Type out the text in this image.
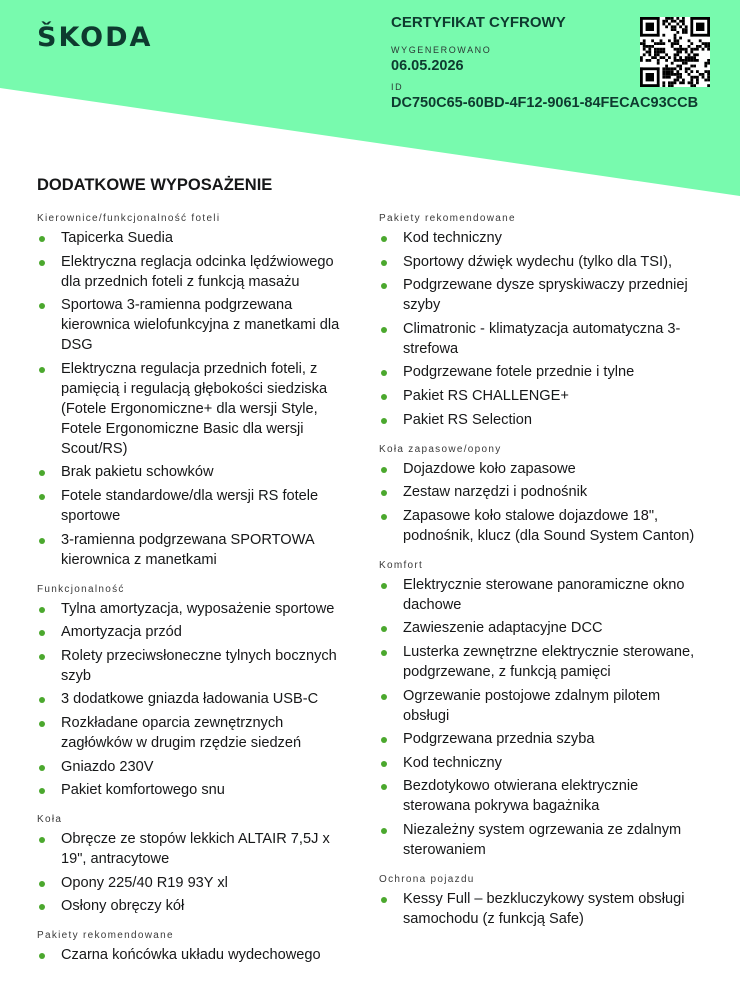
ŠKODA	CERTYFIKAT CYFROWY
WYGENEROWANO
06.05.2026
ID
DC750C65-60BD-4F12-9061-84FECAC93CCB
DODATKOWE WYPOSAŻENIE
Kierownice/funkcjonalność foteli
Tapicerka Suedia
Elektryczna reglacja odcinka lędźwiowego dla przednich foteli z funkcją masażu
Sportowa 3-ramienna podgrzewana kierownica wielofunkcyjna z manetkami dla DSG
Elektryczna regulacja przednich foteli, z pamięcią i regulacją głębokości siedziska (Fotele Ergonomiczne+ dla wersji Style, Fotele Ergonomiczne Basic dla wersji Scout/RS)
Brak pakietu schowków
Fotele standardowe/dla wersji RS fotele sportowe
3-ramienna podgrzewana SPORTOWA kierownica z manetkami
Funkcjonalność
Tylna amortyzacja, wyposażenie sportowe
Amortyzacja przód
Rolety przeciwsłoneczne tylnych bocznych szyb
3 dodatkowe gniazda ładowania USB-C
Rozkładane oparcia zewnętrznych zagłówków w drugim rzędzie siedzeń
Gniazdo 230V
Pakiet komfortowego snu
Koła
Obręcze ze stopów lekkich ALTAIR 7,5J x 19", antracytowe
Opony 225/40 R19 93Y xl
Osłony obręczy kół
Pakiety rekomendowane
Czarna końcówka układu wydechowego
Pakiety rekomendowane
Kod techniczny
Sportowy dźwięk wydechu (tylko dla TSI),
Podgrzewane dysze spryskiwaczy przedniej szyby
Climatronic - klimatyzacja automatyczna 3-strefowa
Podgrzewane fotele przednie i tylne
Pakiet RS CHALLENGE+
Pakiet RS Selection
Koła zapasowe/opony
Dojazdowe koło zapasowe
Zestaw narzędzi i podnośnik
Zapasowe koło stalowe dojazdowe 18", podnośnik, klucz (dla Sound System Canton)
Komfort
Elektrycznie sterowane panoramiczne okno dachowe
Zawieszenie adaptacyjne DCC
Lusterka zewnętrzne elektrycznie sterowane, podgrzewane, z funkcją pamięci
Ogrzewanie postojowe zdalnym pilotem obsługi
Podgrzewana przednia szyba
Kod techniczny
Bezdotykowo otwierana elektrycznie sterowana pokrywa bagażnika
Niezależny system ogrzewania ze zdalnym sterowaniem
Ochrona pojazdu
Kessy Full – bezkluczykowy system obsługi samochodu (z funkcją Safe)
